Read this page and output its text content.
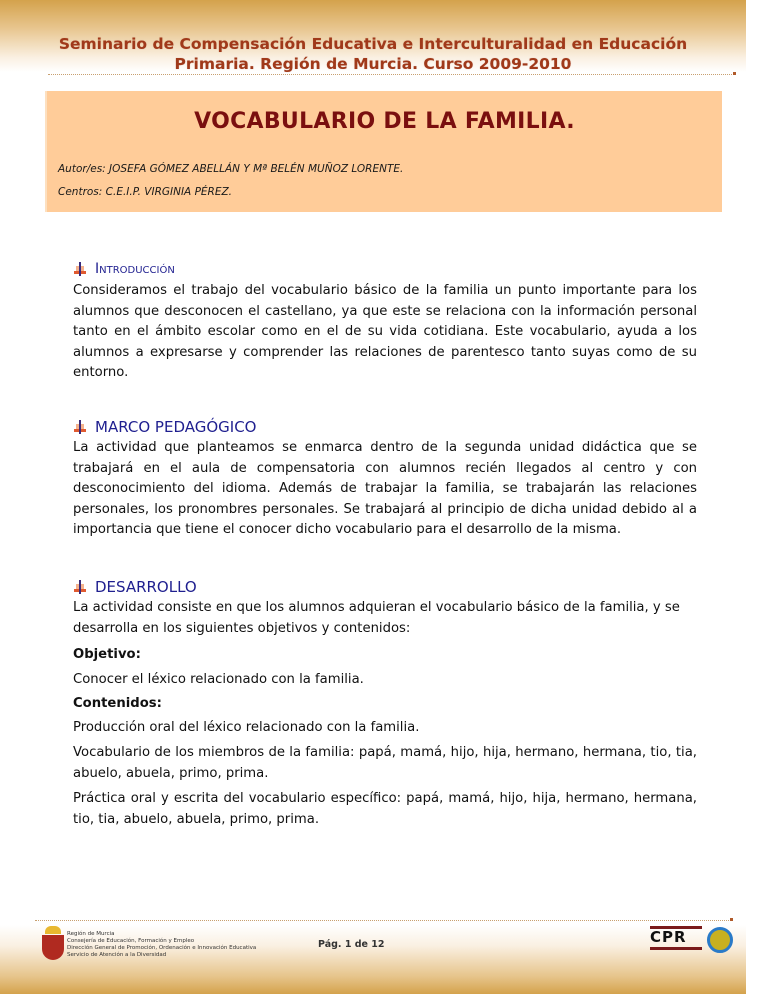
Seminario de Compensación Educativa e Interculturalidad en Educación
Primaria. Región de Murcia. Curso 2009-2010
VOCABULARIO DE LA FAMILIA.
Autor/es: JOSEFA GÓMEZ ABELLÁN Y Mª BELÉN MUÑOZ LORENTE.
Centros: C.E.I.P. VIRGINIA PÉREZ.
Introducción
Consideramos el trabajo del vocabulario básico de la familia un punto importante para los alumnos que desconocen el castellano, ya que este se relaciona con la información personal tanto en el ámbito escolar como en el de su vida cotidiana. Este vocabulario, ayuda a los alumnos a expresarse y comprender las relaciones de parentesco tanto suyas como de su entorno.
MARCO PEDAGÓGICO
La actividad que planteamos se enmarca dentro de la segunda unidad didáctica que se trabajará en el aula de compensatoria con alumnos recién llegados al centro y con desconocimiento del idioma. Además de trabajar la familia, se trabajarán las relaciones personales, los pronombres personales. Se trabajará al principio de dicha unidad debido al a importancia que tiene el conocer dicho vocabulario para el desarrollo de la misma.
DESARROLLO
La actividad consiste en que los alumnos adquieran el vocabulario básico de la familia, y se desarrolla en los siguientes objetivos y contenidos:
Objetivo:
Conocer el léxico relacionado con la familia.
Contenidos:
Producción oral del léxico relacionado con la familia.
Vocabulario de los miembros de la familia: papá, mamá, hijo, hija, hermano, hermana, tio, tia, abuelo, abuela, primo, prima.
Práctica oral y escrita del vocabulario específico: papá, mamá, hijo, hija, hermano, hermana, tio, tia, abuelo, abuela, primo, prima.
Región de Murcia
Consejería de Educación, Formación y Empleo
Dirección General de Promoción, Ordenación e Innovación Educativa
Servicio de Atención a la Diversidad
Pág. 1 de 12	CPR
